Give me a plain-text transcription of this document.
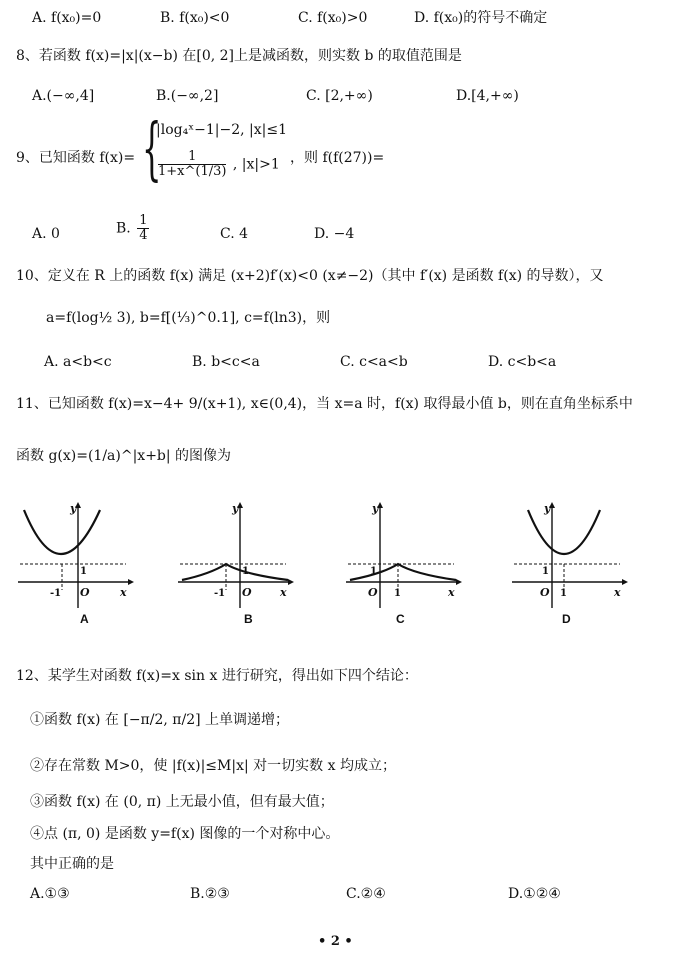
A. f(x₀)=0	B. f(x₀)<0	C. f(x₀)>0	D. f(x₀)的符号不确定
8、若函数 f(x)=|x|(x−b) 在[0, 2]上是减函数，则实数 b 的取值范围是
A.(−∞,4]	B.(−∞,2]	C. [2,+∞)	D.[4,+∞)
9、已知函数 f(x)= {
|log₄ˣ−1|−2, |x|≤1
$\frac{1}{1+x\^{}(1/3)}$ , |x|>1 ，则 f(f(27))=
A. 0	B. $\frac{1}{4}$	C. 4	D. −4
10、定义在 R 上的函数 f(x) 满足 (x+2)f′(x)<0 (x≠−2)（其中 f′(x) 是函数 f(x) 的导数），又
a=f(log½ 3), b=f[(⅓)^0.1], c=f(ln3)，则
A. a<b<c	B. b<c<a	C. c<a<b	D. c<b<a
11、已知函数 f(x)=x−4+ 9/(x+1), x∈(0,4)，当 x=a 时，f(x) 取得最小值 b，则在直角坐标系中
函数 g(x)=(1/a)^|x+b| 的图像为
y
x
O
1
-1
A
y
x
O
1
-1
B
y
x
O
1
1
C
y
x
O
1
1
D
12、某学生对函数 f(x)=x sin x 进行研究，得出如下四个结论：
①函数 f(x) 在 [−π/2, π/2] 上单调递增；
②存在常数 M>0，使 |f(x)|≤M|x| 对一切实数 x 均成立；
③函数 f(x) 在 (0, π) 上无最小值，但有最大值；
④点 (π, 0) 是函数 y=f(x) 图像的一个对称中心。
其中正确的是
A.①③	B.②③	C.②④	D.①②④
• 2 •
